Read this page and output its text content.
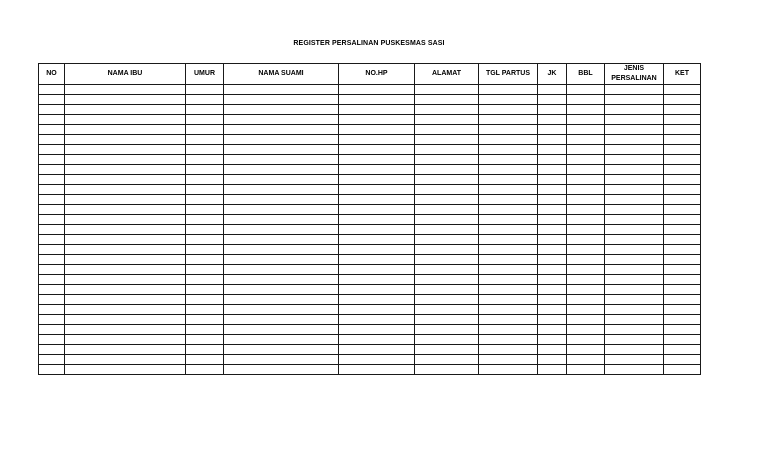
REGISTER PERSALINAN PUSKESMAS SASI
NO	NAMA IBU	UMUR	NAMA SUAMI	NO.HP	ALAMAT	TGL PARTUS	JK	BBL	JENIS PERSALINAN	KET
